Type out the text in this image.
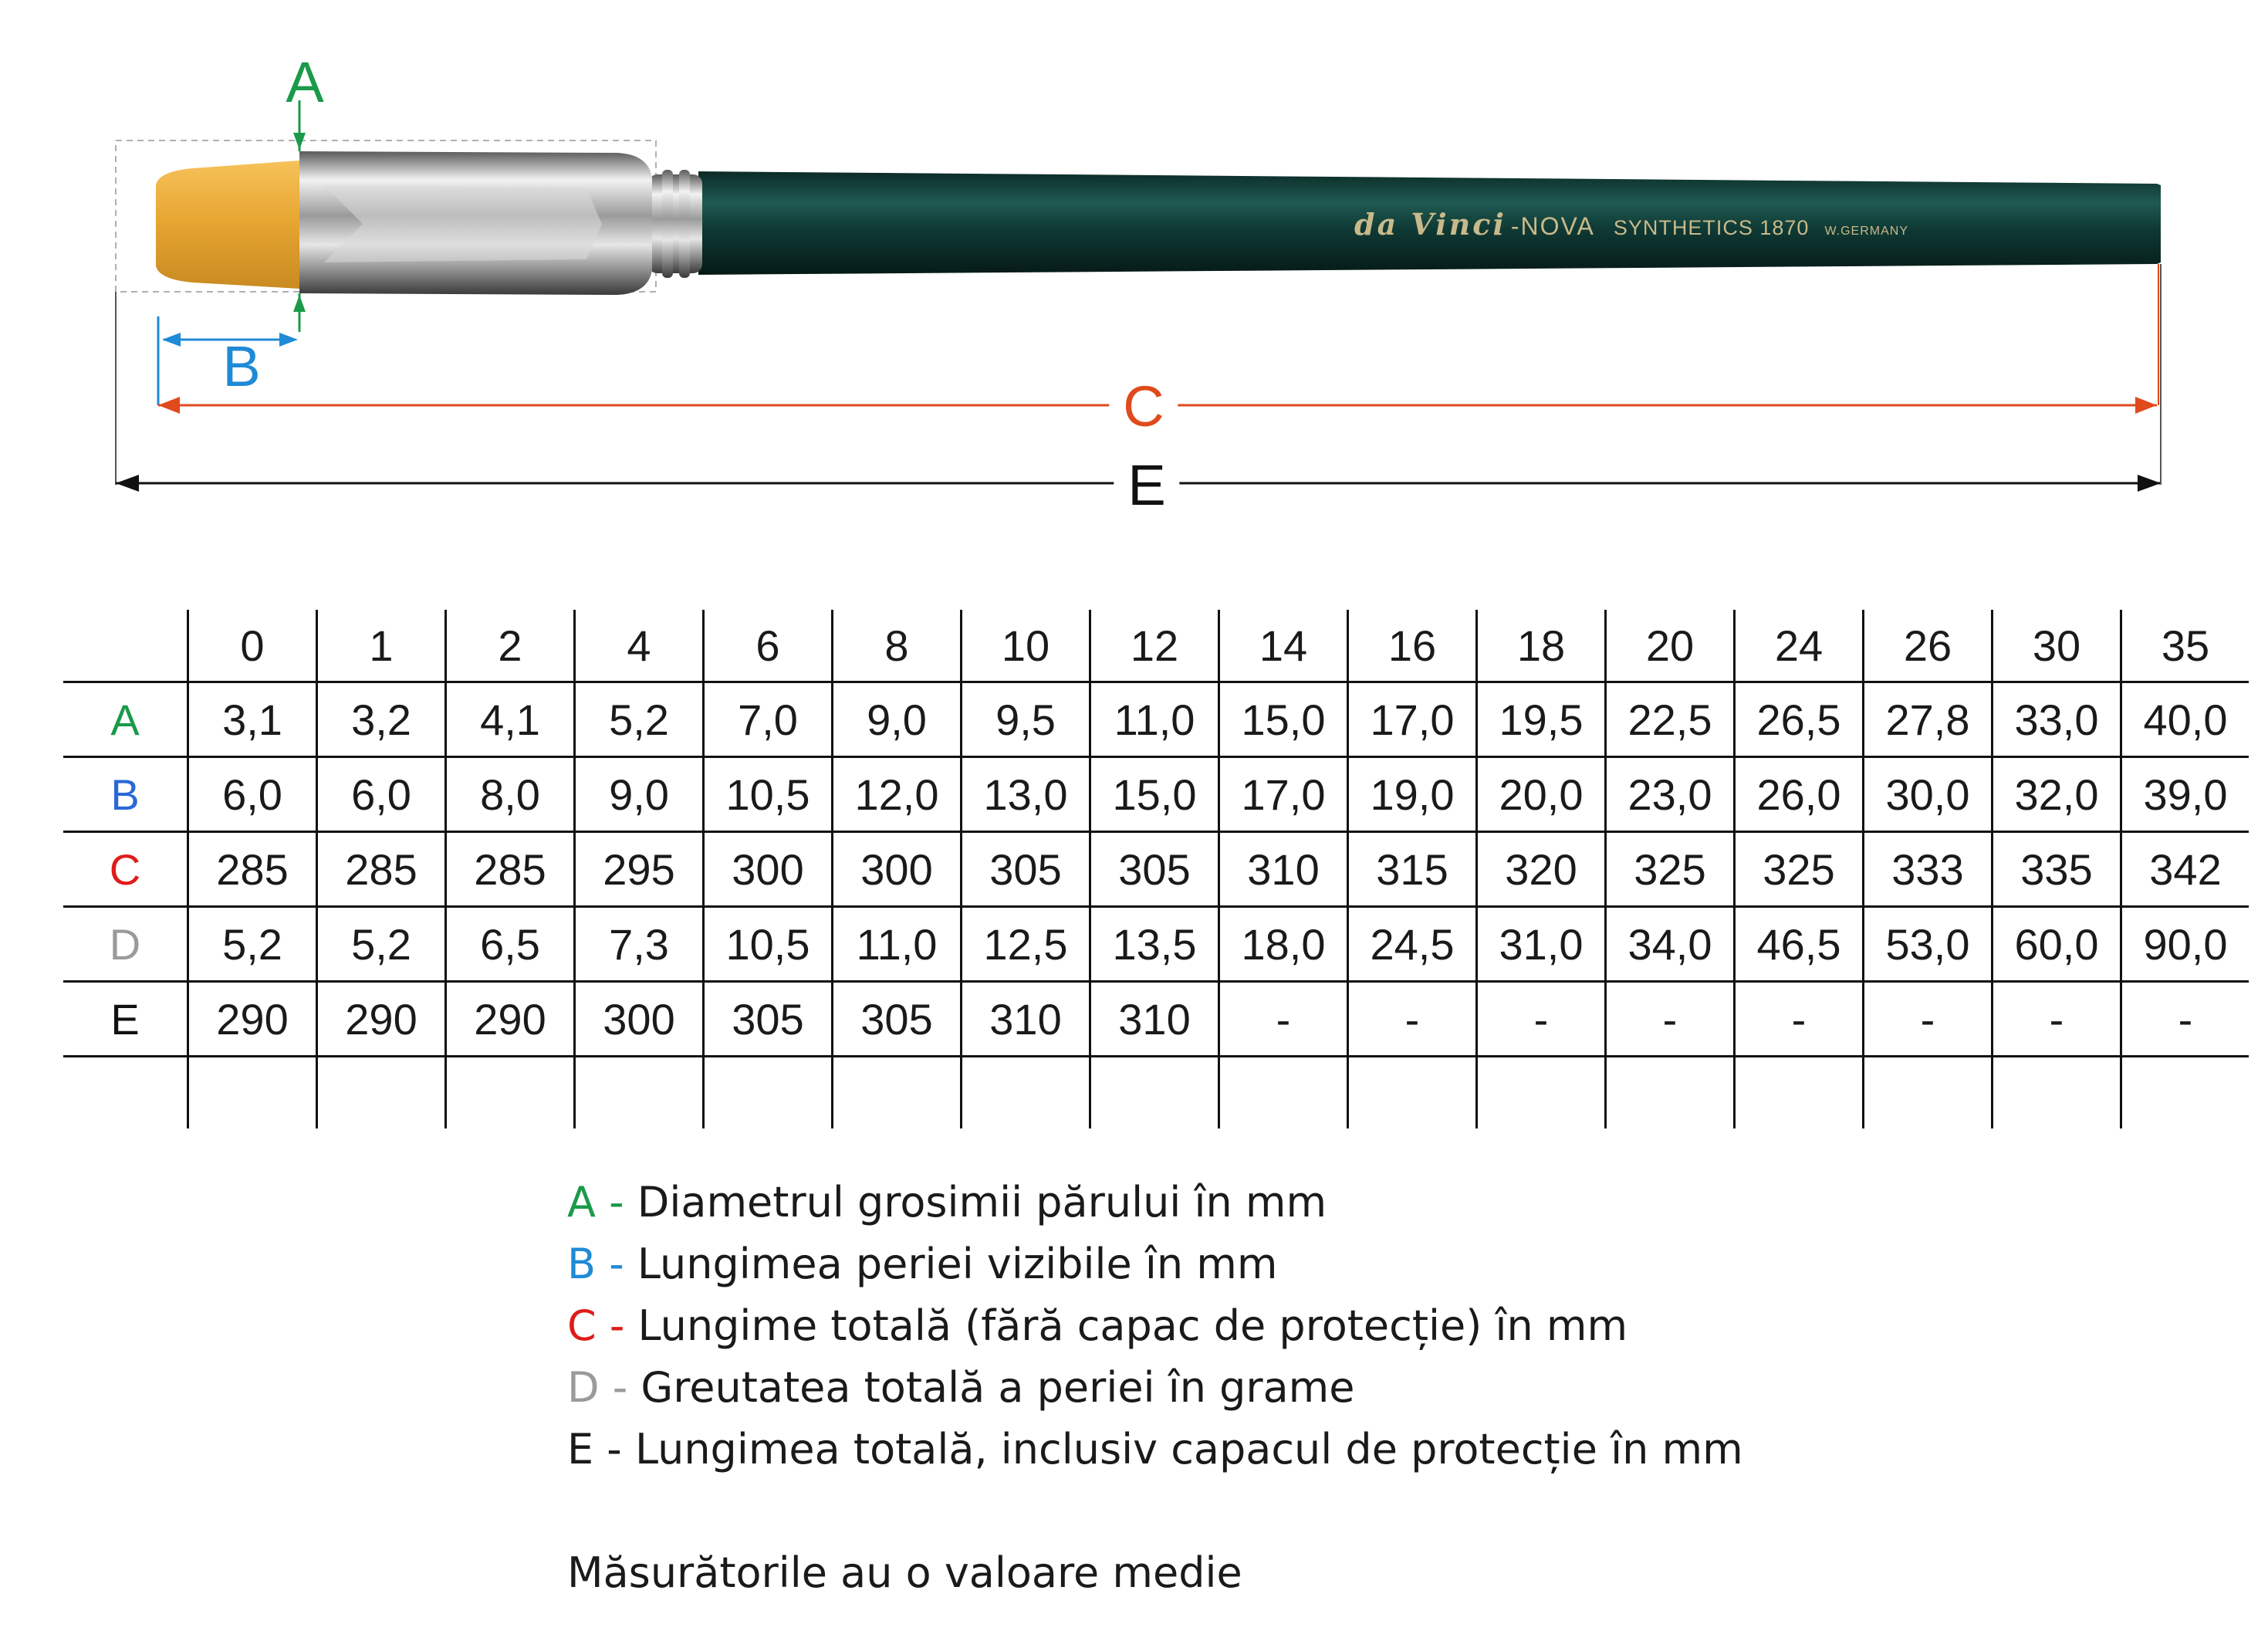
da Vinci -NOVA SYNTHETICS 1870 W.GERMANY
A
B
C
E
	0	1	2	4	6	8	10	12	14	16	18	20	24	26	30	35
A	3,1	3,2	4,1	5,2	7,0	9,0	9,5	11,0	15,0	17,0	19,5	22,5	26,5	27,8	33,0	40,0
B	6,0	6,0	8,0	9,0	10,5	12,0	13,0	15,0	17,0	19,0	20,0	23,0	26,0	30,0	32,0	39,0
C	285	285	285	295	300	300	305	305	310	315	320	325	325	333	335	342
D	5,2	5,2	6,5	7,3	10,5	11,0	12,5	13,5	18,0	24,5	31,0	34,0	46,5	53,0	60,0	90,0
E	290	290	290	300	305	305	310	310	-	-	-	-	-	-	-	-

A - Diametrul grosimii părului în mm
B - Lungimea periei vizibile în mm
C - Lungime totală (fără capac de protecție) în mm
D - Greutatea totală a periei în grame
E - Lungimea totală, inclusiv capacul de protecție în mm
Măsurătorile au o valoare medie
